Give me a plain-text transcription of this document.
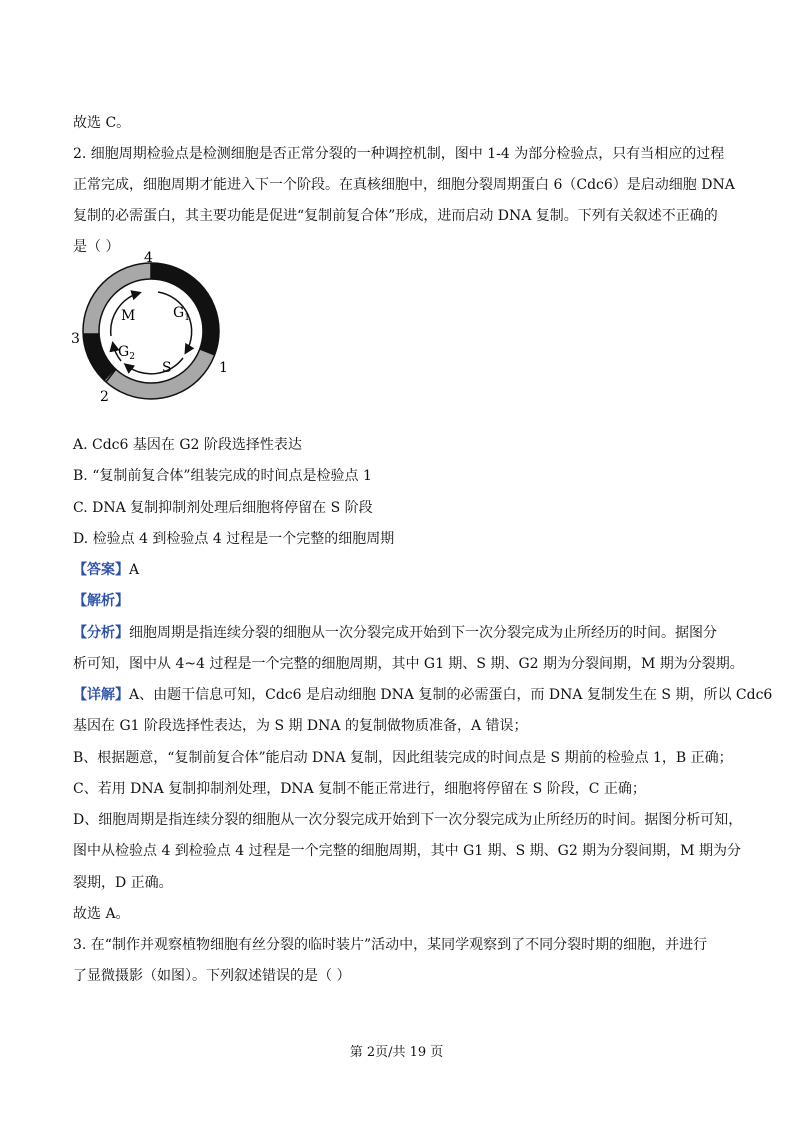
故选 C。
2. 细胞周期检验点是检测细胞是否正常分裂的一种调控机制，图中 1-4 为部分检验点，只有当相应的过程
正常完成，细胞周期才能进入下一个阶段。在真核细胞中，细胞分裂周期蛋白 6（Cdc6）是启动细胞 DNA
复制的必需蛋白，其主要功能是促进“复制前复合体”形成，进而启动 DNA 复制。下列有关叙述不正确的
是（ ）
M	$G_1$
S
$G_2$
4
1
2
3
A. Cdc6 基因在 G2 阶段选择性表达
B. “复制前复合体”组装完成的时间点是检验点 1
C. DNA 复制抑制剂处理后细胞将停留在 S 阶段
D. 检验点 4 到检验点 4 过程是一个完整的细胞周期
【答案】A
【解析】
【分析】细胞周期是指连续分裂的细胞从一次分裂完成开始到下一次分裂完成为止所经历的时间。据图分
析可知，图中从 4~4 过程是一个完整的细胞周期，其中 G1 期、S 期、G2 期为分裂间期，M 期为分裂期。
【详解】A、由题干信息可知，Cdc6 是启动细胞 DNA 复制的必需蛋白，而 DNA 复制发生在 S 期，所以 Cdc6
基因在 G1 阶段选择性表达，为 S 期 DNA 的复制做物质准备，A 错误；
B、根据题意，“复制前复合体”能启动 DNA 复制，因此组装完成的时间点是 S 期前的检验点 1，B 正确；
C、若用 DNA 复制抑制剂处理，DNA 复制不能正常进行，细胞将停留在 S 阶段，C 正确；
D、细胞周期是指连续分裂的细胞从一次分裂完成开始到下一次分裂完成为止所经历的时间。据图分析可知，
图中从检验点 4 到检验点 4 过程是一个完整的细胞周期，其中 G1 期、S 期、G2 期为分裂间期，M 期为分
裂期，D 正确。
故选 A。
3. 在“制作并观察植物细胞有丝分裂的临时装片”活动中，某同学观察到了不同分裂时期的细胞，并进行
了显微摄影（如图）。下列叙述错误的是（ ）
第 2页/共 19 页
